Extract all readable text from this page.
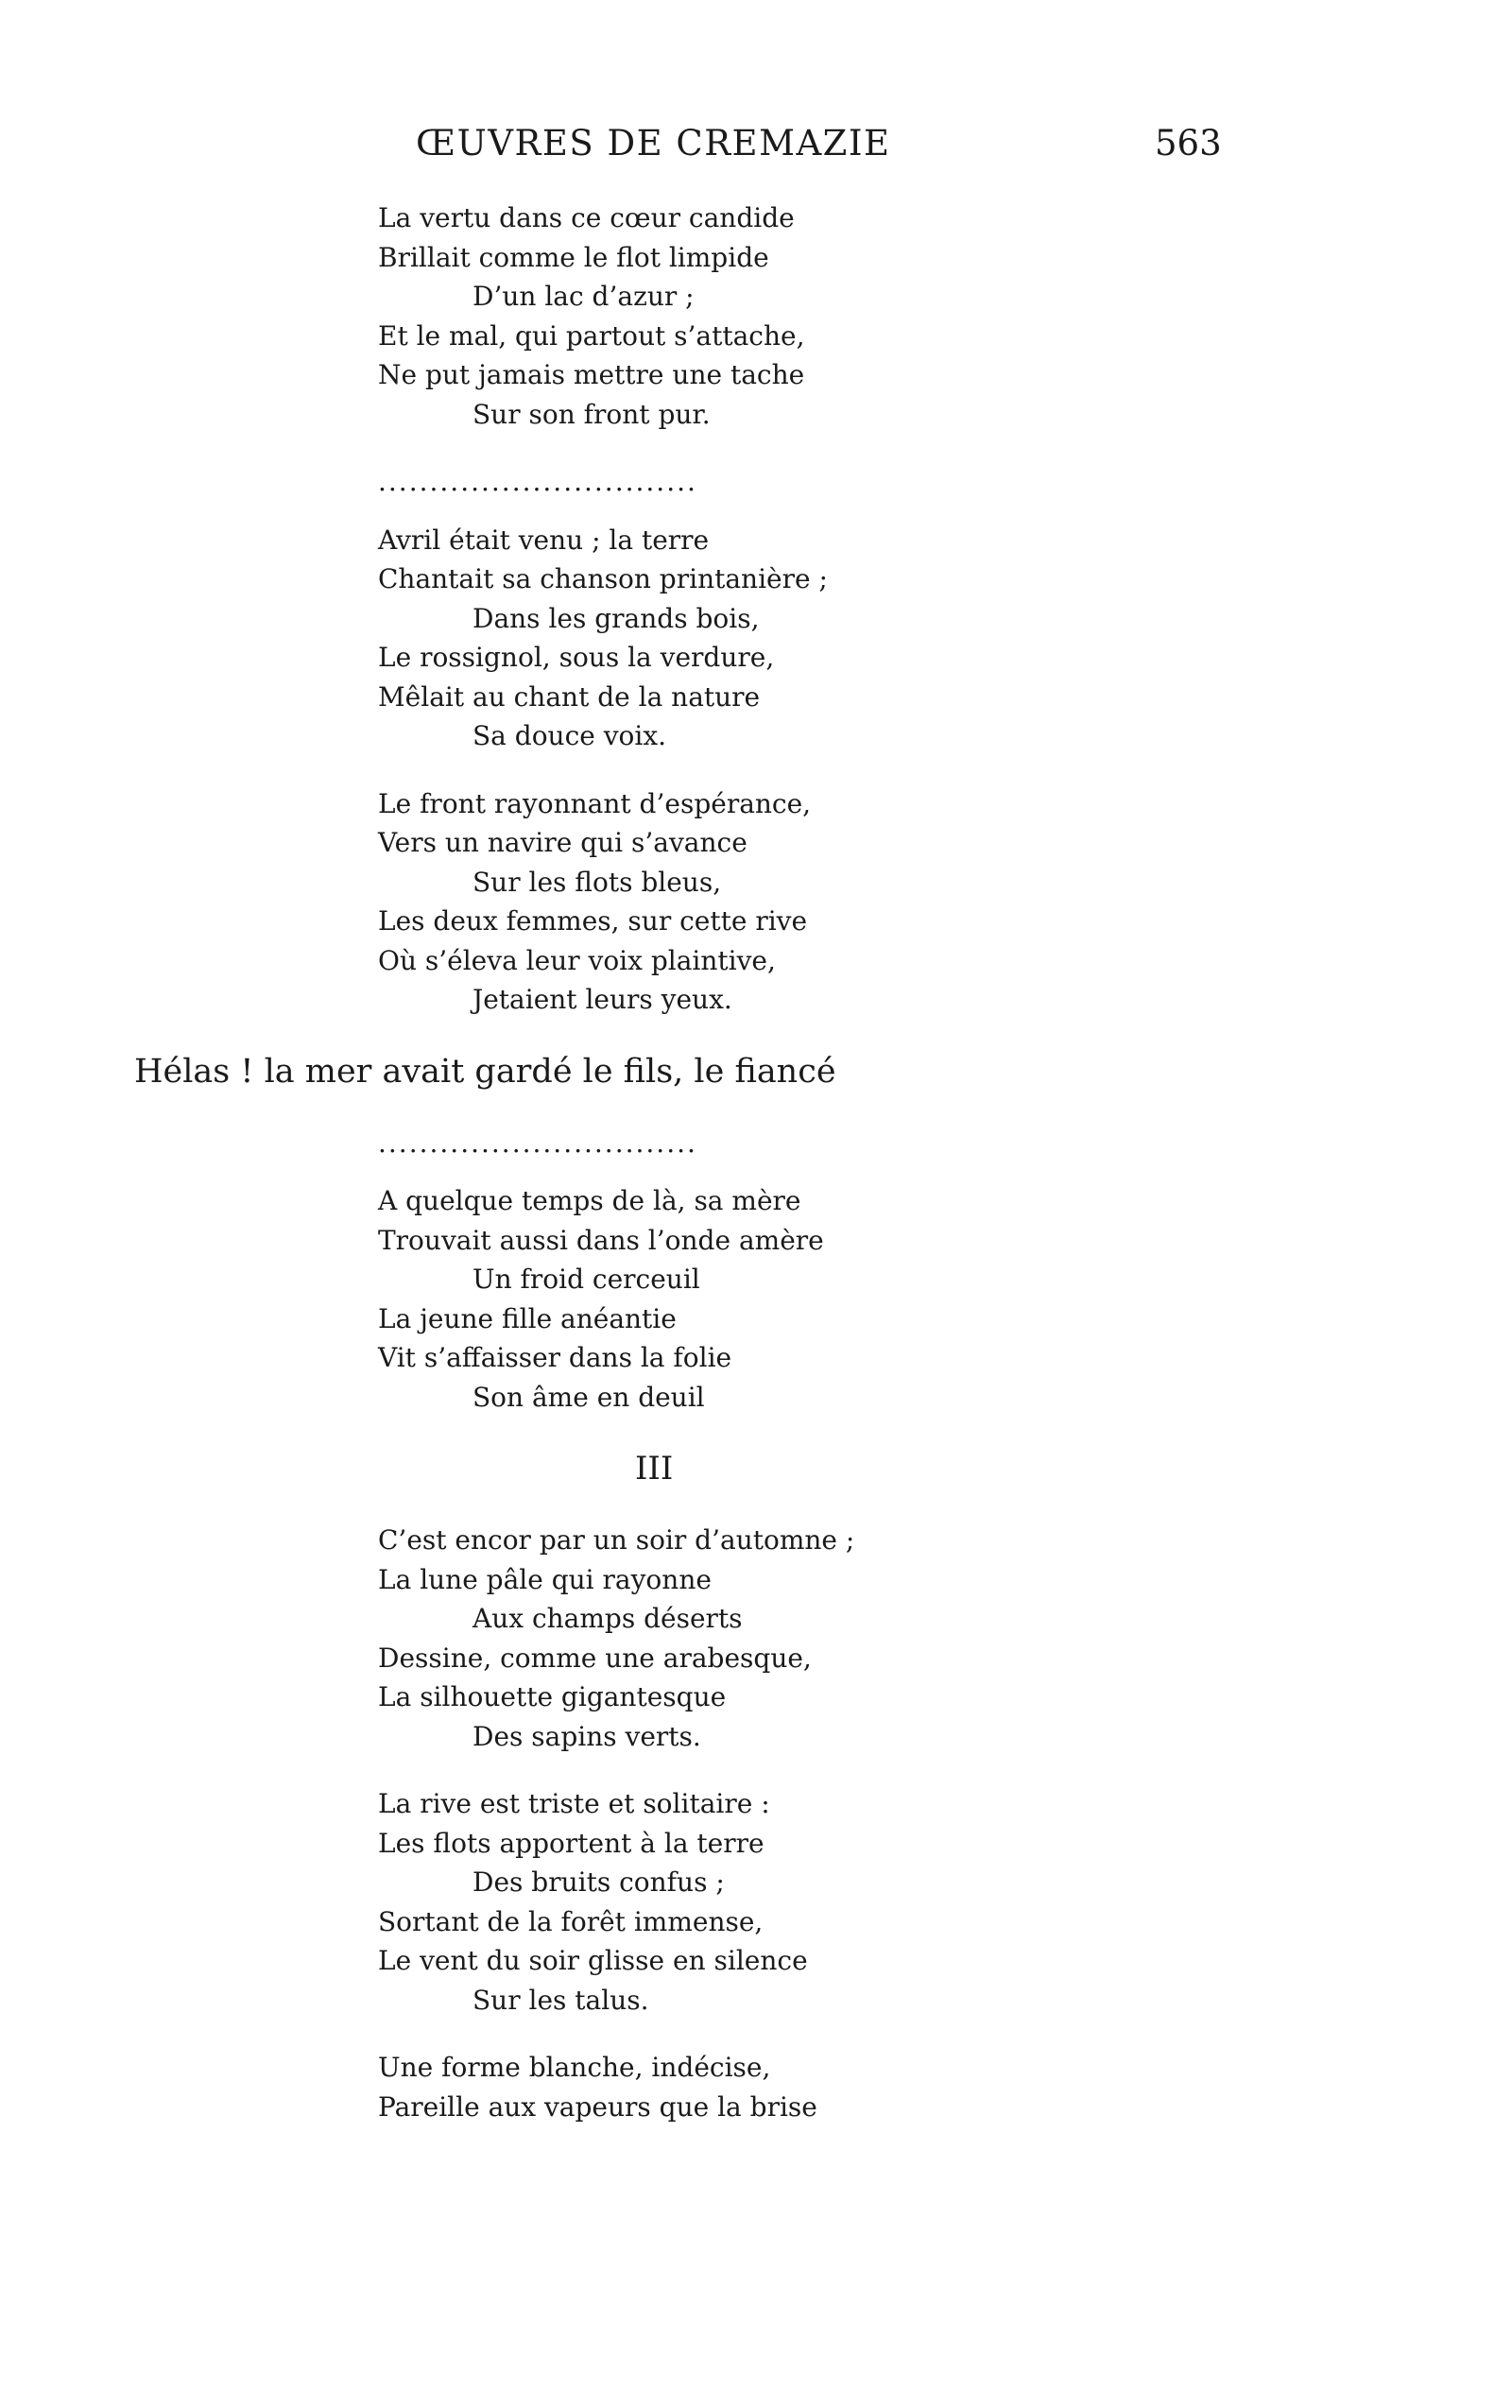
ŒUVRES DE CREMAZIE	563
La vertu dans ce cœur candide
Brillait comme le flot limpide
D’un lac d’azur ;
Et le mal, qui partout s’attache,
Ne put jamais mettre une tache
Sur son front pur.
...............................
Avril était venu ; la terre
Chantait sa chanson printanière ;
Dans les grands bois,
Le rossignol, sous la verdure,
Mêlait au chant de la nature
Sa douce voix.
Le front rayonnant d’espérance,
Vers un navire qui s’avance
Sur les flots bleus,
Les deux femmes, sur cette rive
Où s’éleva leur voix plaintive,
Jetaient leurs yeux.
Hélas ! la mer avait gardé le fils, le fiancé
...............................
A quelque temps de là, sa mère
Trouvait aussi dans l’onde amère
Un froid cerceuil
La jeune fille anéantie
Vit s’affaisser dans la folie
Son âme en deuil
III
C’est encor par un soir d’automne ;
La lune pâle qui rayonne
Aux champs déserts
Dessine, comme une arabesque,
La silhouette gigantesque
Des sapins verts.
La rive est triste et solitaire :
Les flots apportent à la terre
Des bruits confus ;
Sortant de la forêt immense,
Le vent du soir glisse en silence
Sur les talus.
Une forme blanche, indécise,
Pareille aux vapeurs que la brise
